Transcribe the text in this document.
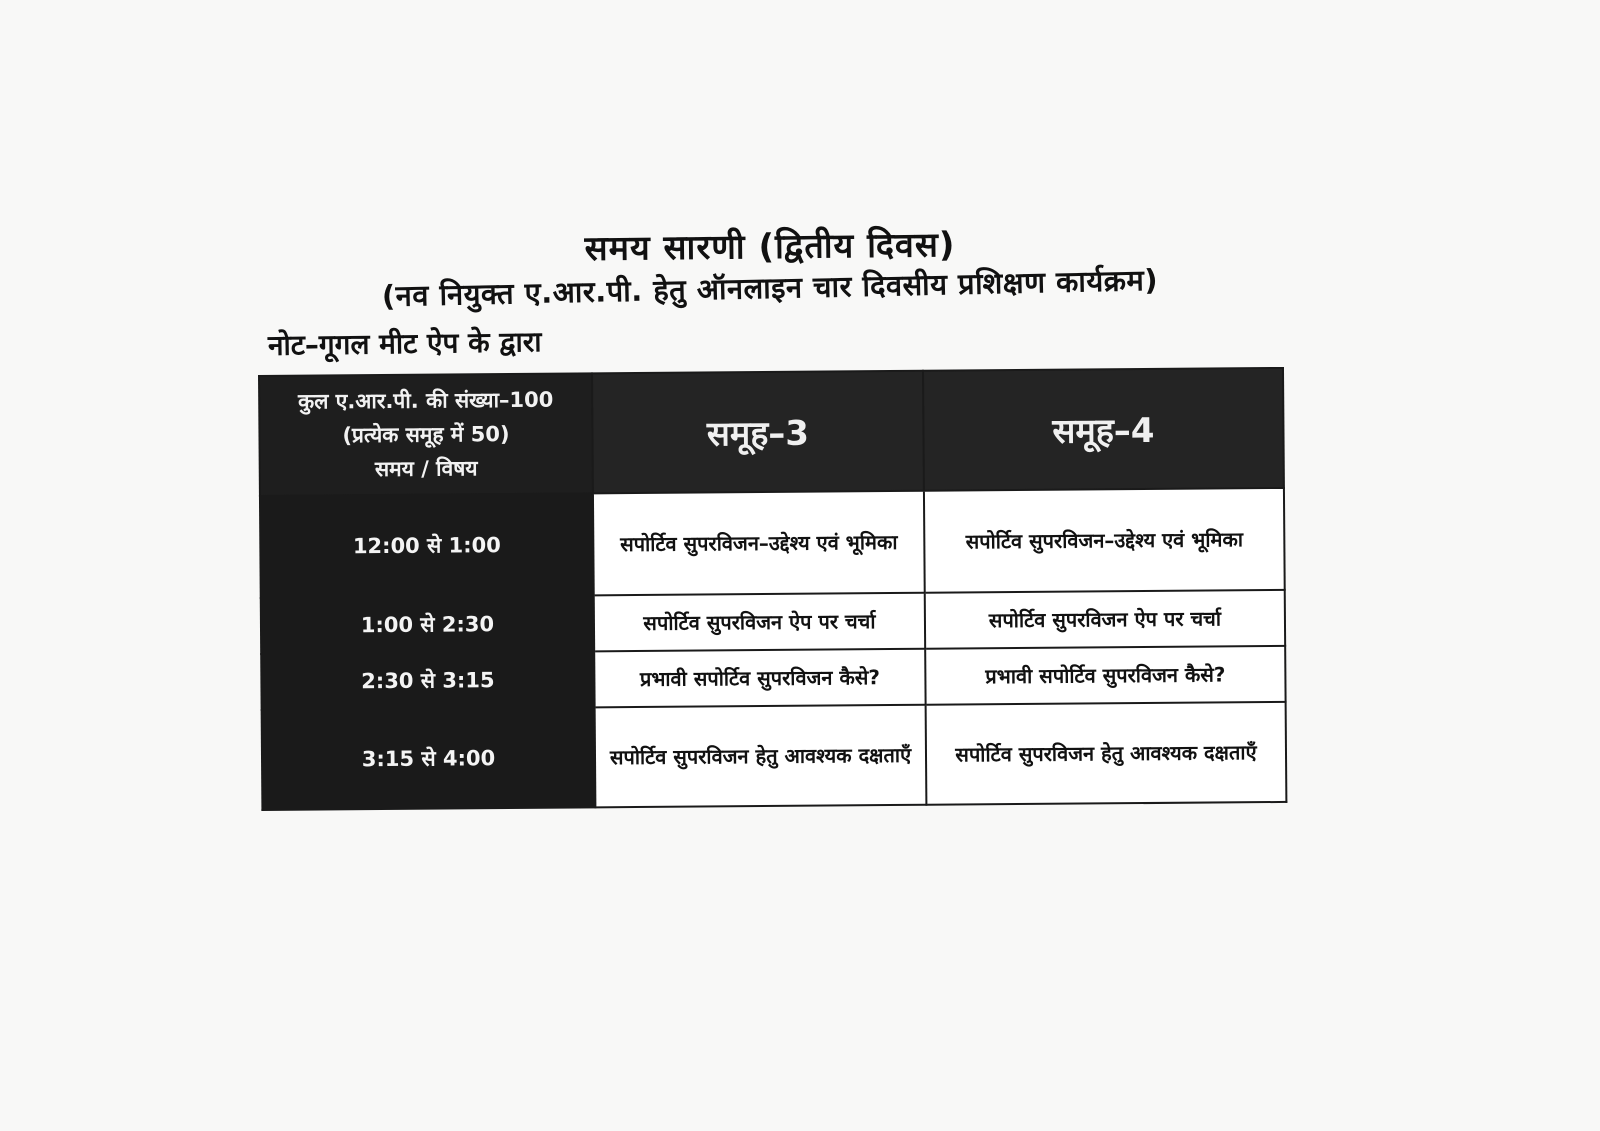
समय सारणी (द्वितीय दिवस)
(नव नियुक्त ए.आर.पी. हेतु ऑनलाइन चार दिवसीय प्रशिक्षण कार्यक्रम)
नोट–गूगल मीट ऐप के द्वारा
कुल ए.आर.पी. की संख्या–100
(प्रत्येक समूह में 50)
समय / विषय	समूह–3	समूह–4
12:00 से 1:00	सपोर्टिव सुपरविजन–उद्देश्य एवं भूमिका	सपोर्टिव सुपरविजन–उद्देश्य एवं भूमिका
1:00 से 2:30	सपोर्टिव सुपरविजन ऐप पर चर्चा	सपोर्टिव सुपरविजन ऐप पर चर्चा
2:30 से 3:15	प्रभावी सपोर्टिव सुपरविजन कैसे?	प्रभावी सपोर्टिव सुपरविजन कैसे?
3:15 से 4:00	सपोर्टिव सुपरविजन हेतु आवश्यक दक्षताएँ	सपोर्टिव सुपरविजन हेतु आवश्यक दक्षताएँ
